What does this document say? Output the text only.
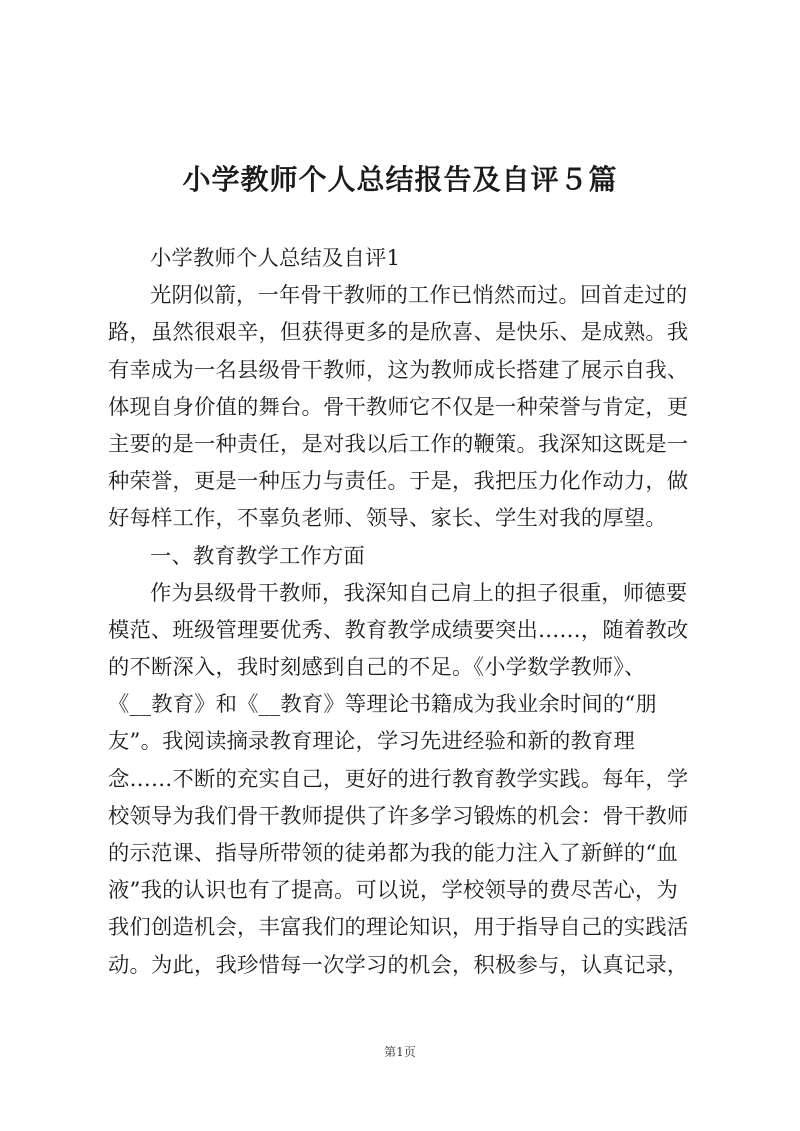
小学教师个人总结报告及自评５篇
小学教师个人总结及自评1
光阴似箭，一年骨干教师的工作已悄然而过。回首走过的
路，虽然很艰辛，但获得更多的是欣喜、是快乐、是成熟。我
有幸成为一名县级骨干教师，这为教师成长搭建了展示自我、
体现自身价值的舞台。骨干教师它不仅是一种荣誉与肯定，更
主要的是一种责任，是对我以后工作的鞭策。我深知这既是一
种荣誉，更是一种压力与责任。于是，我把压力化作动力，做
好每样工作，不辜负老师、领导、家长、学生对我的厚望。
一、教育教学工作方面
作为县级骨干教师，我深知自己肩上的担子很重，师德要
模范、班级管理要优秀、教育教学成绩要突出……，随着教改
的不断深入，我时刻感到自己的不足。《小学数学教师》、
《__教育》和《__教育》等理论书籍成为我业余时间的“朋
友”。我阅读摘录教育理论，学习先进经验和新的教育理
念……不断的充实自己，更好的进行教育教学实践。每年，学
校领导为我们骨干教师提供了许多学习锻炼的机会：骨干教师
的示范课、指导所带领的徒弟都为我的能力注入了新鲜的“血
液”我的认识也有了提高。可以说，学校领导的费尽苦心，为
我们创造机会，丰富我们的理论知识，用于指导自己的实践活
动。为此，我珍惜每一次学习的机会，积极参与，认真记录，
第1页
